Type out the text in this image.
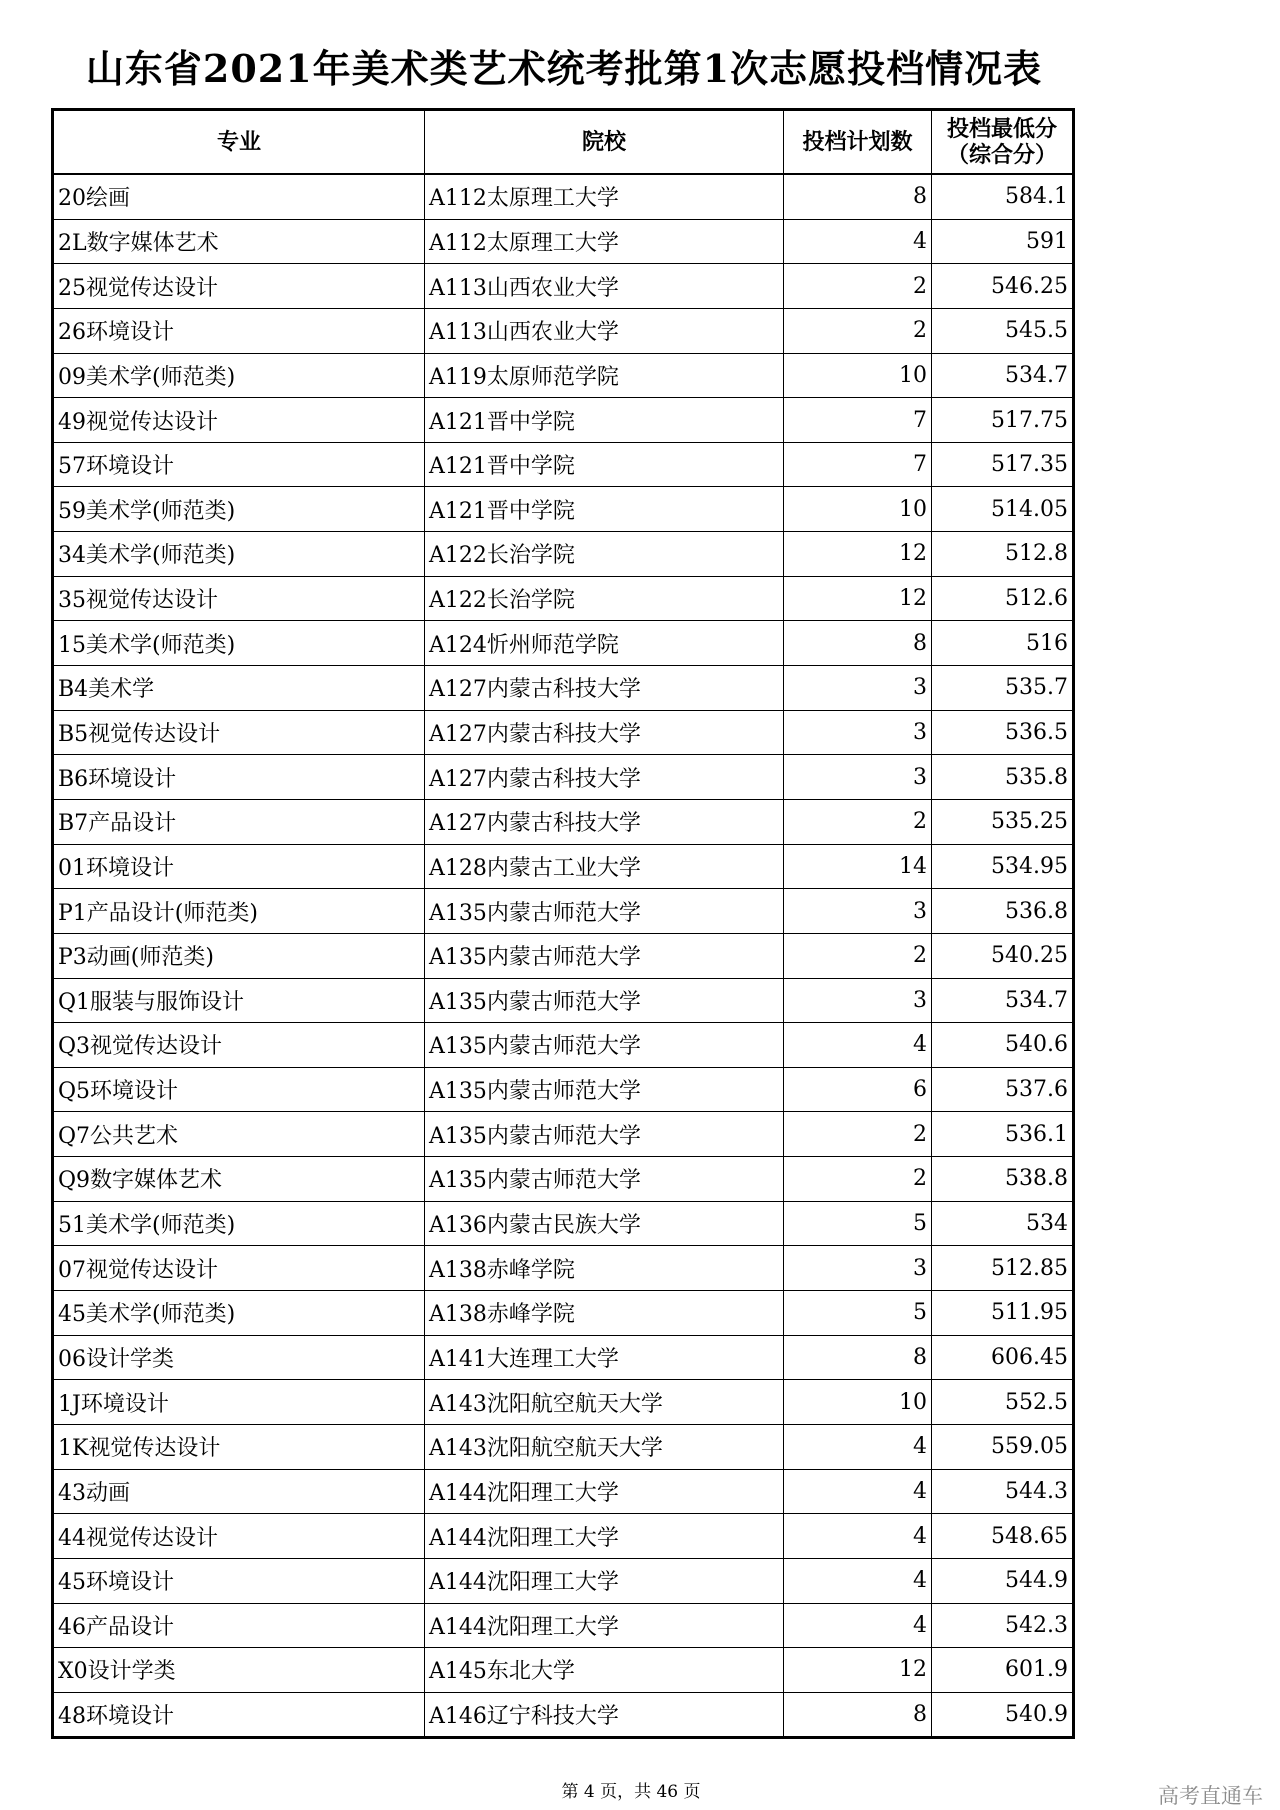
山东省2021年美术类艺术统考批第1次志愿投档情况表
专业	院校	投档计划数	投档最低分
（综合分）

20绘画	A112太原理工大学	8	584.1
2L数字媒体艺术	A112太原理工大学	4	591
25视觉传达设计	A113山西农业大学	2	546.25
26环境设计	A113山西农业大学	2	545.5
09美术学(师范类)	A119太原师范学院	10	534.7
49视觉传达设计	A121晋中学院	7	517.75
57环境设计	A121晋中学院	7	517.35
59美术学(师范类)	A121晋中学院	10	514.05
34美术学(师范类)	A122长治学院	12	512.8
35视觉传达设计	A122长治学院	12	512.6
15美术学(师范类)	A124忻州师范学院	8	516
B4美术学	A127内蒙古科技大学	3	535.7
B5视觉传达设计	A127内蒙古科技大学	3	536.5
B6环境设计	A127内蒙古科技大学	3	535.8
B7产品设计	A127内蒙古科技大学	2	535.25
01环境设计	A128内蒙古工业大学	14	534.95
P1产品设计(师范类)	A135内蒙古师范大学	3	536.8
P3动画(师范类)	A135内蒙古师范大学	2	540.25
Q1服装与服饰设计	A135内蒙古师范大学	3	534.7
Q3视觉传达设计	A135内蒙古师范大学	4	540.6
Q5环境设计	A135内蒙古师范大学	6	537.6
Q7公共艺术	A135内蒙古师范大学	2	536.1
Q9数字媒体艺术	A135内蒙古师范大学	2	538.8
51美术学(师范类)	A136内蒙古民族大学	5	534
07视觉传达设计	A138赤峰学院	3	512.85
45美术学(师范类)	A138赤峰学院	5	511.95
06设计学类	A141大连理工大学	8	606.45
1J环境设计	A143沈阳航空航天大学	10	552.5
1K视觉传达设计	A143沈阳航空航天大学	4	559.05
43动画	A144沈阳理工大学	4	544.3
44视觉传达设计	A144沈阳理工大学	4	548.65
45环境设计	A144沈阳理工大学	4	544.9
46产品设计	A144沈阳理工大学	4	542.3
X0设计学类	A145东北大学	12	601.9
48环境设计	A146辽宁科技大学	8	540.9
第 4 页，共 46 页	高考直通车
